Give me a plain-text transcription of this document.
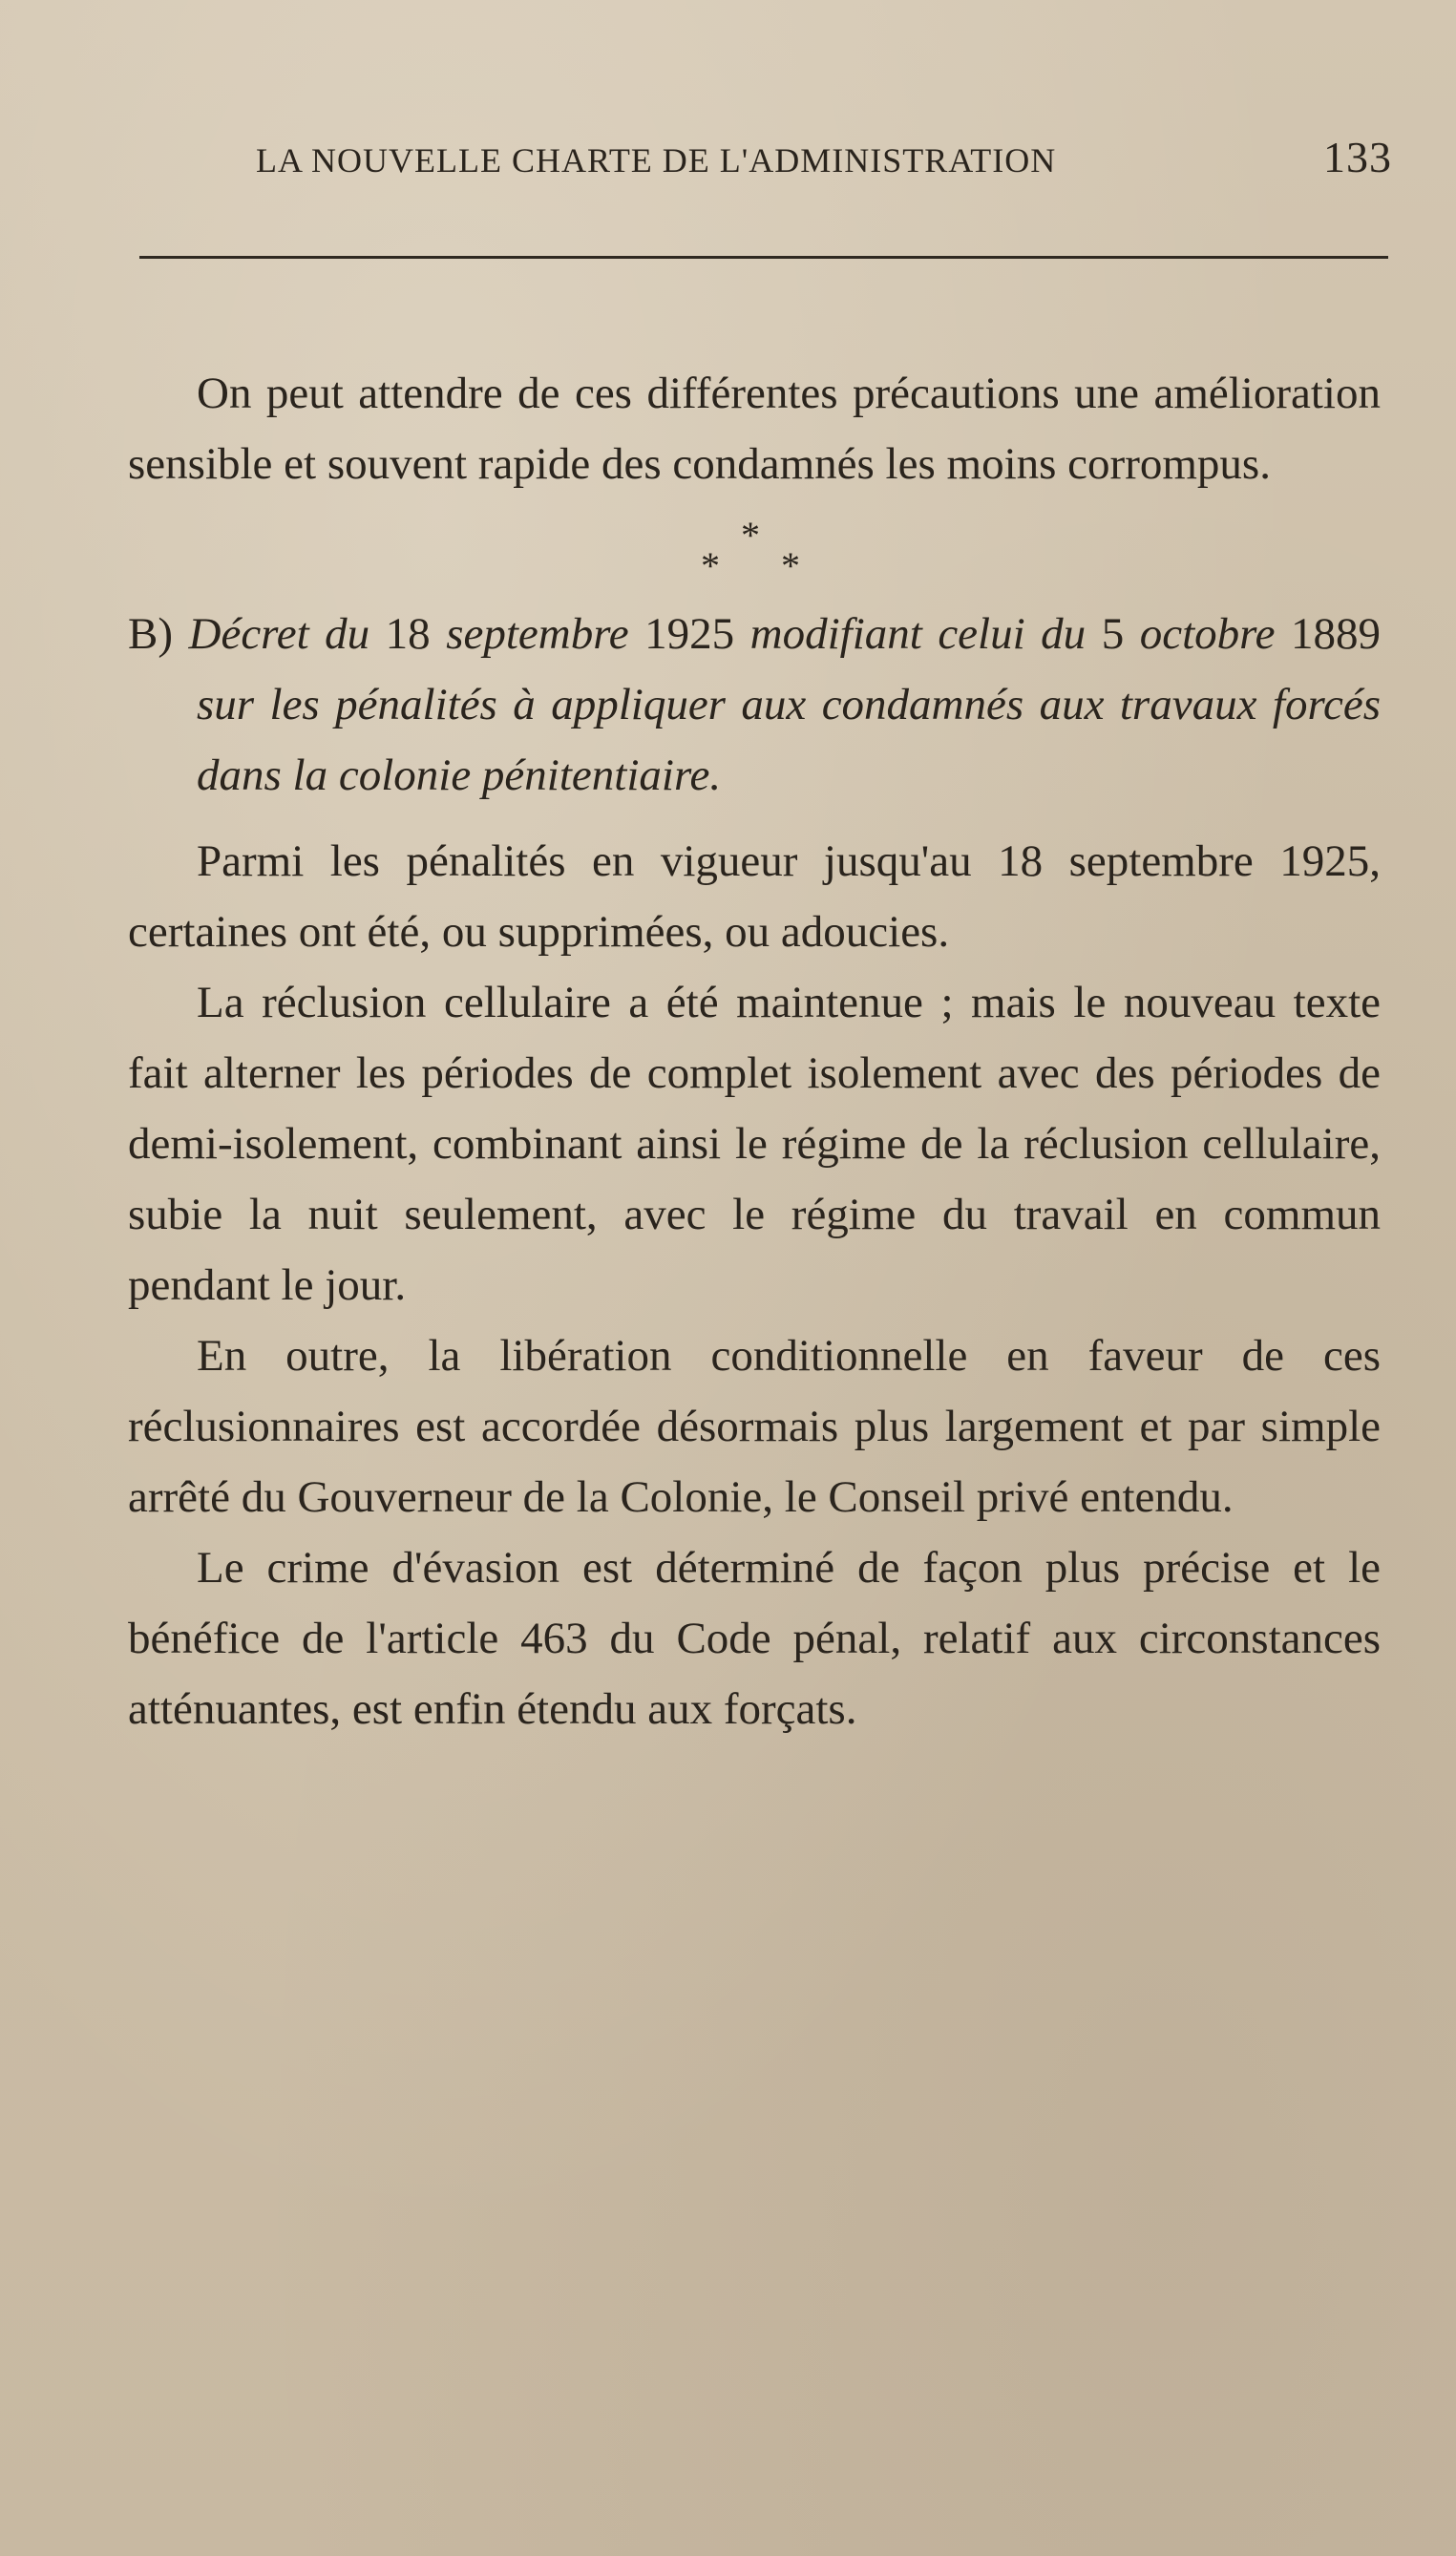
LA NOUVELLE CHARTE DE L'ADMINISTRATION	133

On peut attendre de ces différentes précautions une amélioration sensible et souvent rapide des condamnés les moins corrompus.

*
* *

B) Décret du 18 septembre 1925 modifiant celui du 5 octobre 1889 sur les pénalités à appliquer aux condamnés aux travaux forcés dans la colonie pénitentiaire.

Parmi les pénalités en vigueur jusqu'au 18 septembre 1925, certaines ont été, ou supprimées, ou adoucies.

La réclusion cellulaire a été maintenue ; mais le nouveau texte fait alterner les périodes de complet isolement avec des périodes de demi-isolement, combinant ainsi le régime de la réclusion cellulaire, subie la nuit seulement, avec le régime du travail en commun pendant le jour.

En outre, la libération conditionnelle en faveur de ces réclusionnaires est accordée désormais plus largement et par simple arrêté du Gouverneur de la Colonie, le Conseil privé entendu.

Le crime d'évasion est déterminé de façon plus précise et le bénéfice de l'article 463 du Code pénal, relatif aux circonstances atténuantes, est enfin étendu aux forçats.
